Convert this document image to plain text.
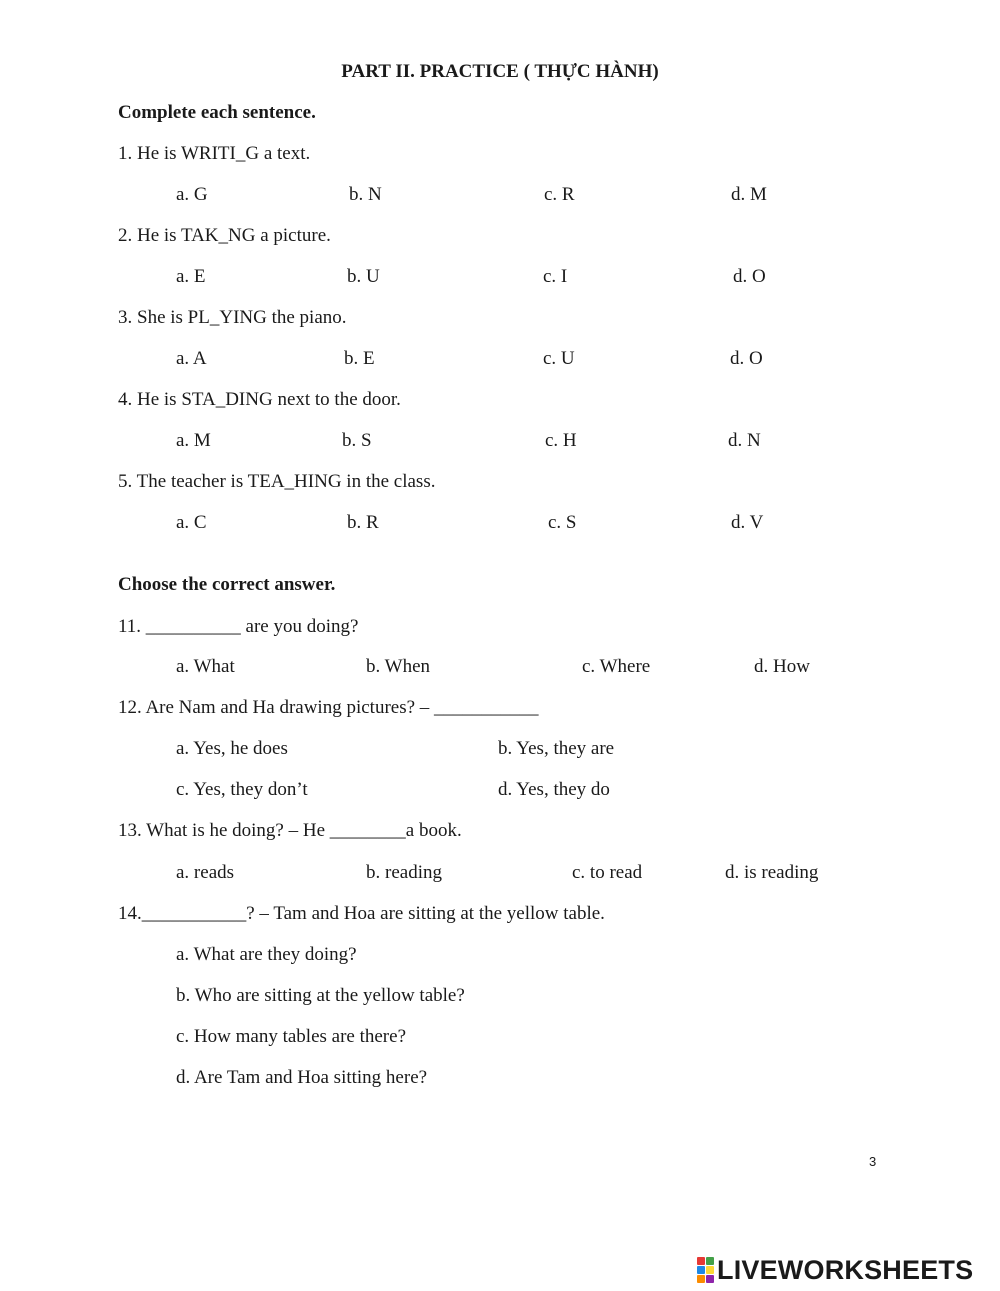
PART II. PRACTICE ( THỰC HÀNH)
Complete each sentence.
1. He is WRITI_G a text.
a. G	b. N	c. R	d. M
2. He is TAK_NG a picture.
a. E	b. U	c. I	d. O
3. She is PL_YING the piano.
a. A	b. E	c. U	d. O
4. He is STA_DING next to the door.
a. M	b. S	c. H	d. N
5. The teacher is TEA_HING in the class.
a. C	b. R	c. S	d. V
Choose the correct answer.
11. __________ are you doing?
a. What	b. When	c. Where	d. How
12. Are Nam and Ha drawing pictures? – ___________
a. Yes, he does	b. Yes, they are
c. Yes, they don’t	d. Yes, they do
13. What is he doing? – He ________a book.
a. reads	b. reading	c. to read	d. is reading
14.___________? – Tam and Hoa are sitting at the yellow table.
a. What are they doing?
b. Who are sitting at the yellow table?
c. How many tables are there?
d. Are Tam and Hoa sitting here?
3
LIVEWORKSHEETS
